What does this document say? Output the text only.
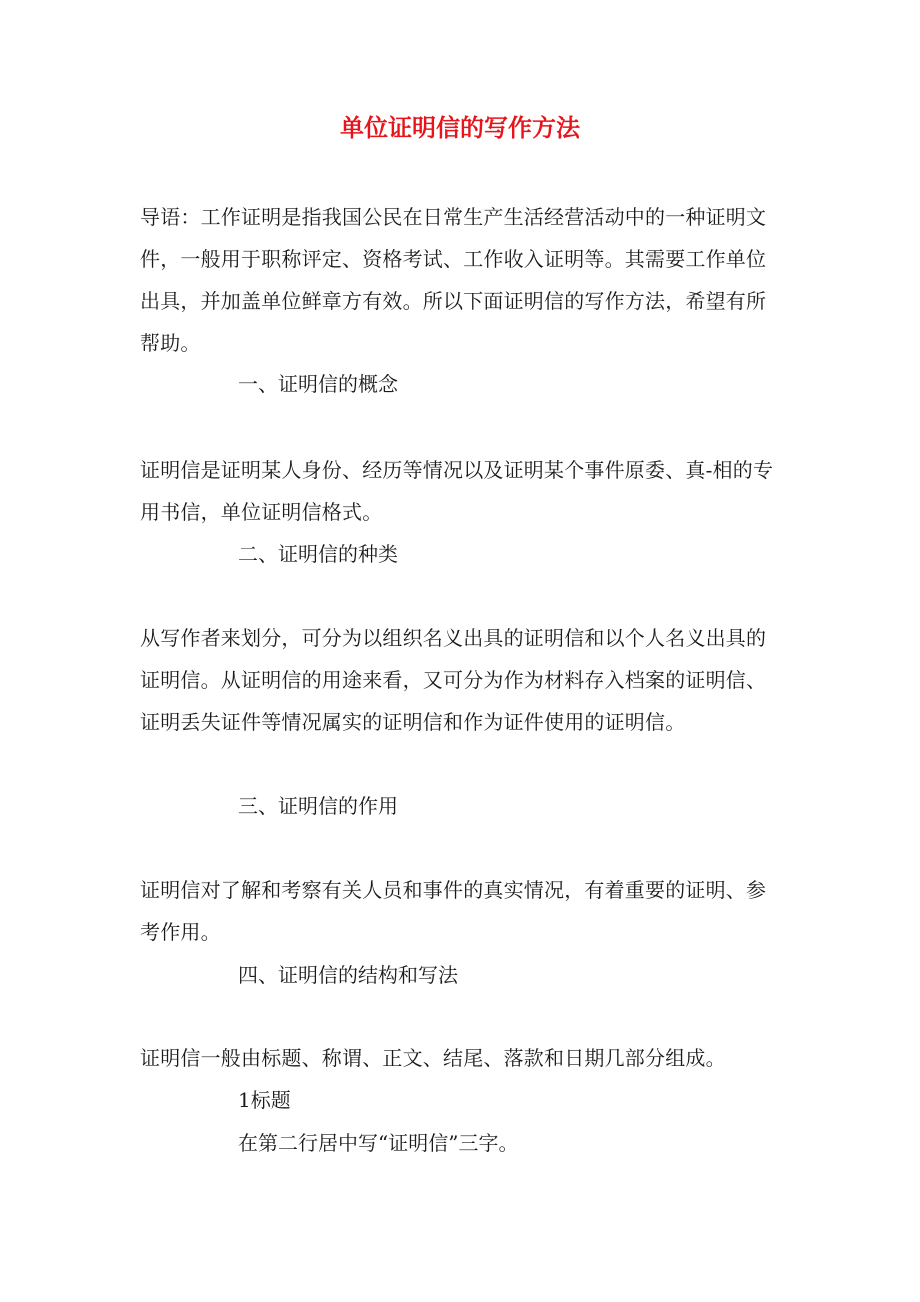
单位证明信的写作方法

导语：工作证明是指我国公民在日常生产生活经营活动中的一种证明文件，一般用于职称评定、资格考试、工作收入证明等。其需要工作单位出具，并加盖单位鲜章方有效。所以下面证明信的写作方法，希望有所帮助。

一、证明信的概念

证明信是证明某人身份、经历等情况以及证明某个事件原委、真-相的专用书信，单位证明信格式。

二、证明信的种类

从写作者来划分，可分为以组织名义出具的证明信和以个人名义出具的证明信。从证明信的用途来看，又可分为作为材料存入档案的证明信、证明丢失证件等情况属实的证明信和作为证件使用的证明信。

三、证明信的作用

证明信对了解和考察有关人员和事件的真实情况，有着重要的证明、参考作用。

四、证明信的结构和写法

证明信一般由标题、称谓、正文、结尾、落款和日期几部分组成。

1标题

在第二行居中写“证明信”三字。
